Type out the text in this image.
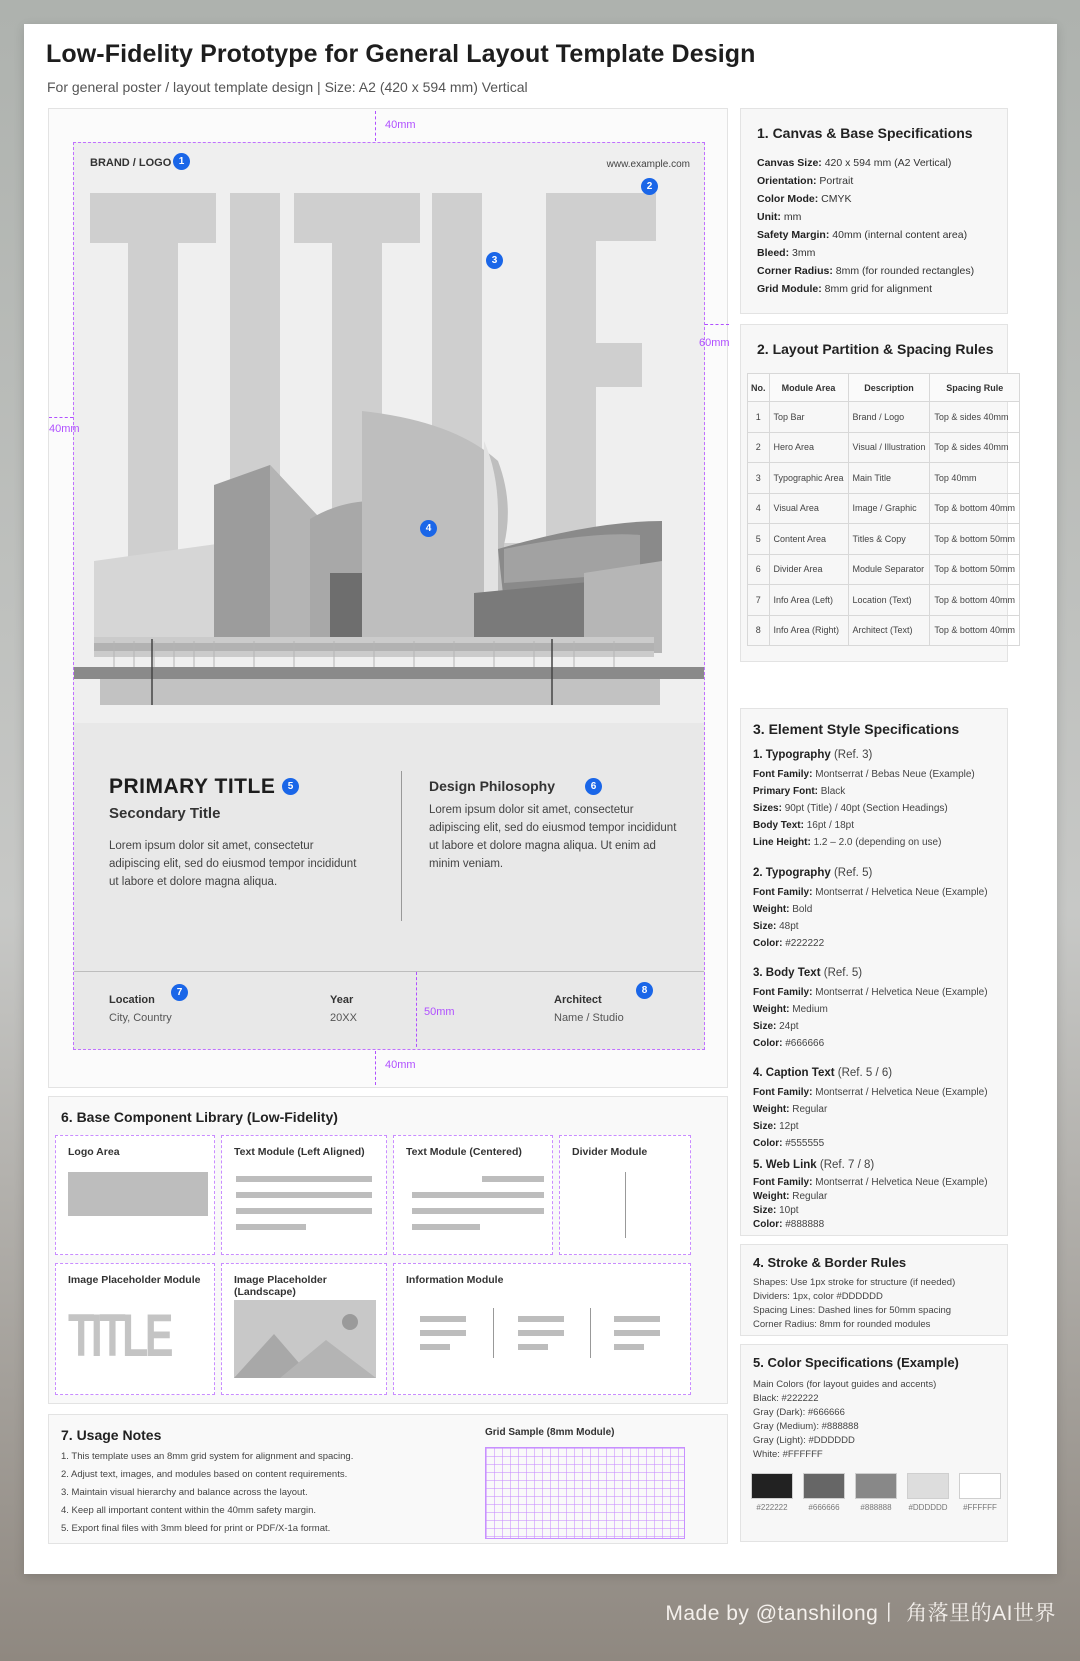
Low-Fidelity Prototype for General Layout Template Design
For general poster / layout template design | Size: A2 (420 x 594 mm) Vertical
40mm
BRAND / LOGO	www.example.com
1
2
3
4
PRIMARY TITLE	5
Secondary Title
Lorem ipsum dolor sit amet, consectetur adipiscing elit, sed do eiusmod tempor incididunt ut labore et dolore magna aliqua.
Design Philosophy	6
Lorem ipsum dolor sit amet, consectetur adipiscing elit, sed do eiusmod tempor incididunt ut labore et dolore magna aliqua. Ut enim ad minim veniam.
Location
7
City, Country
Year
20XX	50mm
Architect
8
Name / Studio
40mm
60mm
40mm
1. Canvas & Base Specifications
Canvas Size: 420 x 594 mm (A2 Vertical)
Orientation: Portrait
Color Mode: CMYK
Unit: mm
Safety Margin: 40mm (internal content area)
Bleed: 3mm
Corner Radius: 8mm (for rounded rectangles)
Grid Module: 8mm grid for alignment
2. Layout Partition & Spacing Rules
No.	Module Area	Description	Spacing Rule
1	Top Bar	Brand / Logo	Top & sides 40mm
2	Hero Area	Visual / Illustration	Top & sides 40mm
3	Typographic Area	Main Title	Top 40mm
4	Visual Area	Image / Graphic	Top & bottom 40mm
5	Content Area	Titles & Copy	Top & bottom 50mm
6	Divider Area	Module Separator	Top & bottom 50mm
7	Info Area (Left)	Location (Text)	Top & bottom 40mm
8	Info Area (Right)	Architect (Text)	Top & bottom 40mm
3. Element Style Specifications
1. Typography (Ref. 3)
Font Family: Montserrat / Bebas Neue (Example)
Primary Font: Black
Sizes: 90pt (Title) / 40pt (Section Headings)
Body Text: 16pt / 18pt
Line Height: 1.2 – 2.0 (depending on use)
2. Typography (Ref. 5)
Font Family: Montserrat / Helvetica Neue (Example)
Weight: Bold
Size: 48pt
Color: #222222
3. Body Text (Ref. 5)
Font Family: Montserrat / Helvetica Neue (Example)
Weight: Medium
Size: 24pt
Color: #666666
4. Caption Text (Ref. 5 / 6)
Font Family: Montserrat / Helvetica Neue (Example)
Weight: Regular
Size: 12pt
Color: #555555
5. Web Link (Ref. 7 / 8)
Font Family: Montserrat / Helvetica Neue (Example)
Weight: Regular
Size: 10pt
Color: #888888
4. Stroke & Border Rules
Shapes: Use 1px stroke for structure (if needed)
Dividers: 1px, color #DDDDDD
Spacing Lines: Dashed lines for 50mm spacing
Corner Radius: 8mm for rounded modules
5. Color Specifications (Example)
Main Colors (for layout guides and accents)
Black: #222222
Gray (Dark): #666666
Gray (Medium): #888888
Gray (Light): #DDDDDD
White: #FFFFFF
#222222	#666666	#888888	#DDDDDD	#FFFFFF
6. Base Component Library (Low-Fidelity)
Logo Area	Text Module (Left Aligned)	Text Module (Centered)	Divider Module
Image Placeholder Module
TITLE
Image Placeholder (Landscape)
Information Module
7. Usage Notes
1. This template uses an 8mm grid system for alignment and spacing.
2. Adjust text, images, and modules based on content requirements.
3. Maintain visual hierarchy and balance across the layout.
4. Keep all important content within the 40mm safety margin.
5. Export final files with 3mm bleed for print or PDF/X-1a format.
Grid Sample (8mm Module)
Made by @tanshilong丨 角落里的AI世界
